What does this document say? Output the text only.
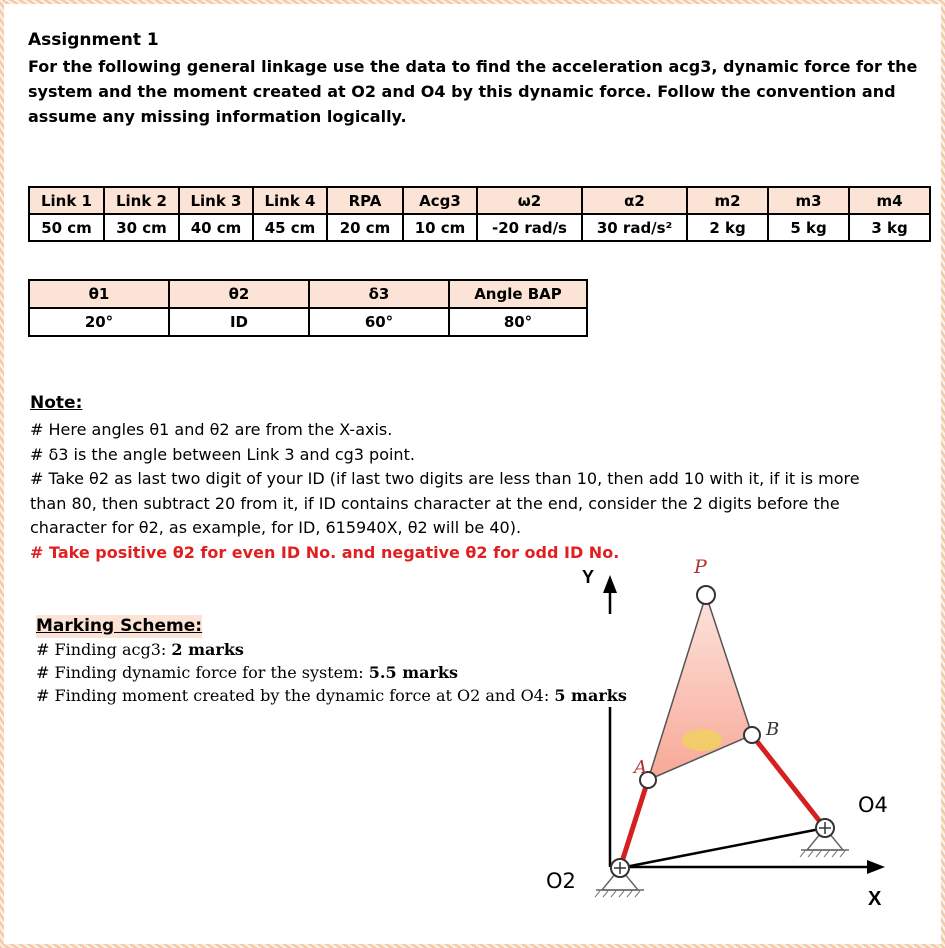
Assignment 1
For the following general linkage use the data to find the acceleration acg3, dynamic force for the system and the moment created at O2 and O4 by this dynamic force. Follow the convention and assume any missing information logically.
Link 1	Link 2	Link 3	Link 4	RPA	Acg3	ω2	α2	m2	m3	m4
50 cm	30 cm	40 cm	45 cm	20 cm	10 cm	-20 rad/s	30 rad/s²	2 kg	5 kg	3 kg
θ1	θ2	δ3	Angle BAP
20°	ID	60°	80°
Note:
# Here angles θ1 and θ2 are from the X-axis.
# δ3 is the angle between Link 3 and cg3 point.
# Take θ2 as last two digit of your ID (if last two digits are less than 10, then add 10 with it, if it is more than 80, then subtract 20 from it, if ID contains character at the end, consider the 2 digits before the character for θ2, as example, for ID, 615940X, θ2 will be 40).
# Take positive θ2 for even ID No. and negative θ2 for odd ID No.
Y
X
P
A
B
O2
O4
Marking Scheme:
# Finding acg3: 2 marks
# Finding dynamic force for the system: 5.5 marks
# Finding moment created by the dynamic force at O2 and O4: 5 marks
